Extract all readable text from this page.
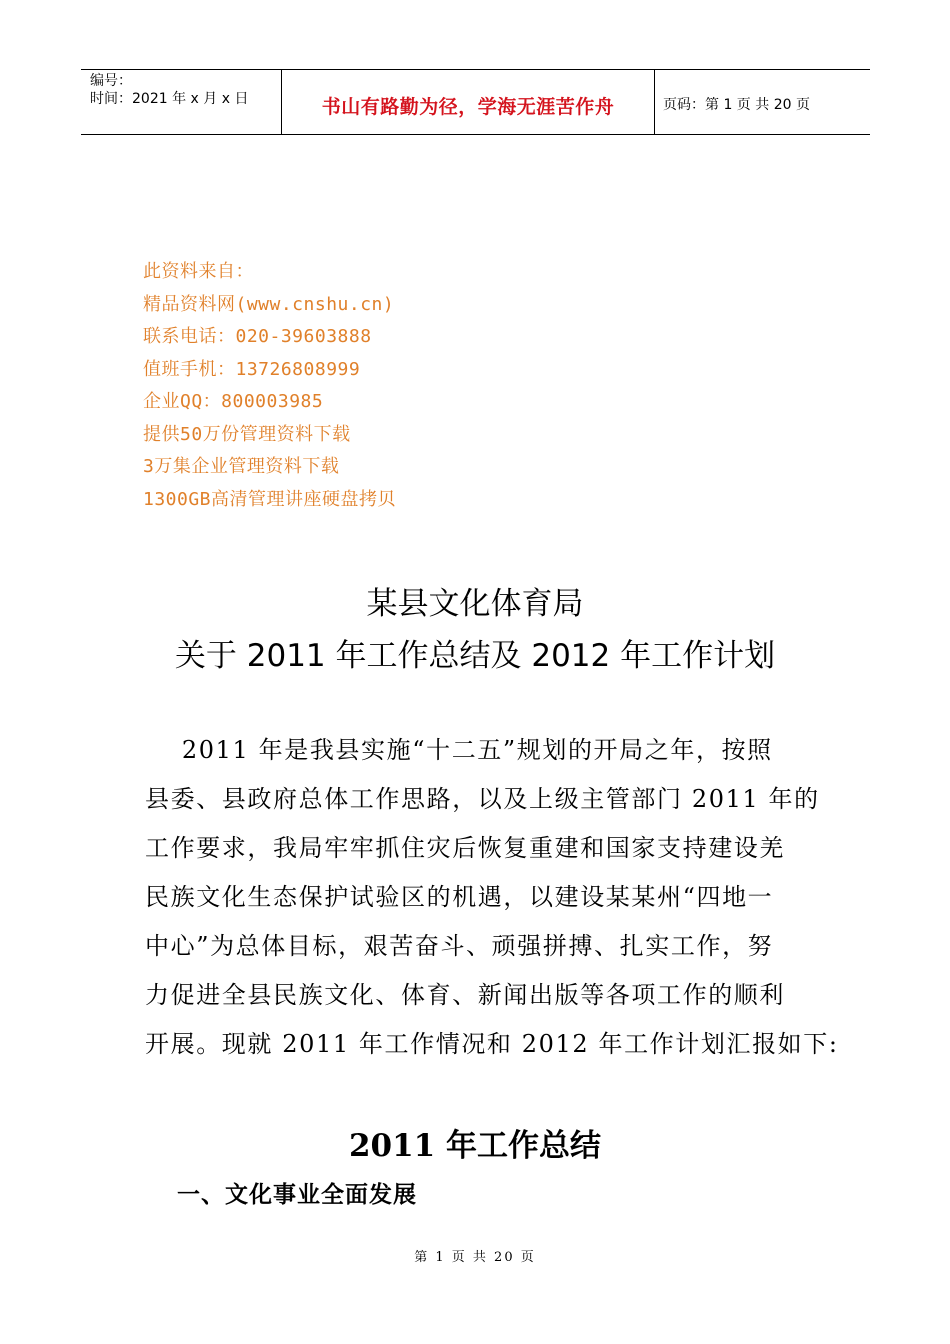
编号：
时间：2021 年 x 月 x 日	书山有路勤为径，学海无涯苦作舟	页码：第 1 页 共 20 页
此资料来自：
精品资料网(www.cnshu.cn)
联系电话：020-39603888
值班手机：13726808999
企业QQ：800003985
提供50万份管理资料下载
3万集企业管理资料下载
1300GB高清管理讲座硬盘拷贝
某县文化体育局
关于 2011 年工作总结及 2012 年工作计划
2011 年是我县实施“十二五”规划的开局之年，按照
县委、县政府总体工作思路，以及上级主管部门 2011 年的
工作要求，我局牢牢抓住灾后恢复重建和国家支持建设羌
民族文化生态保护试验区的机遇，以建设某某州“四地一
中心”为总体目标，艰苦奋斗、顽强拼搏、扎实工作，努
力促进全县民族文化、体育、新闻出版等各项工作的顺利
开展。现就 2011 年工作情况和 2012 年工作计划汇报如下:
2011 年工作总结
一、文化事业全面发展
第 1 页 共 20 页
